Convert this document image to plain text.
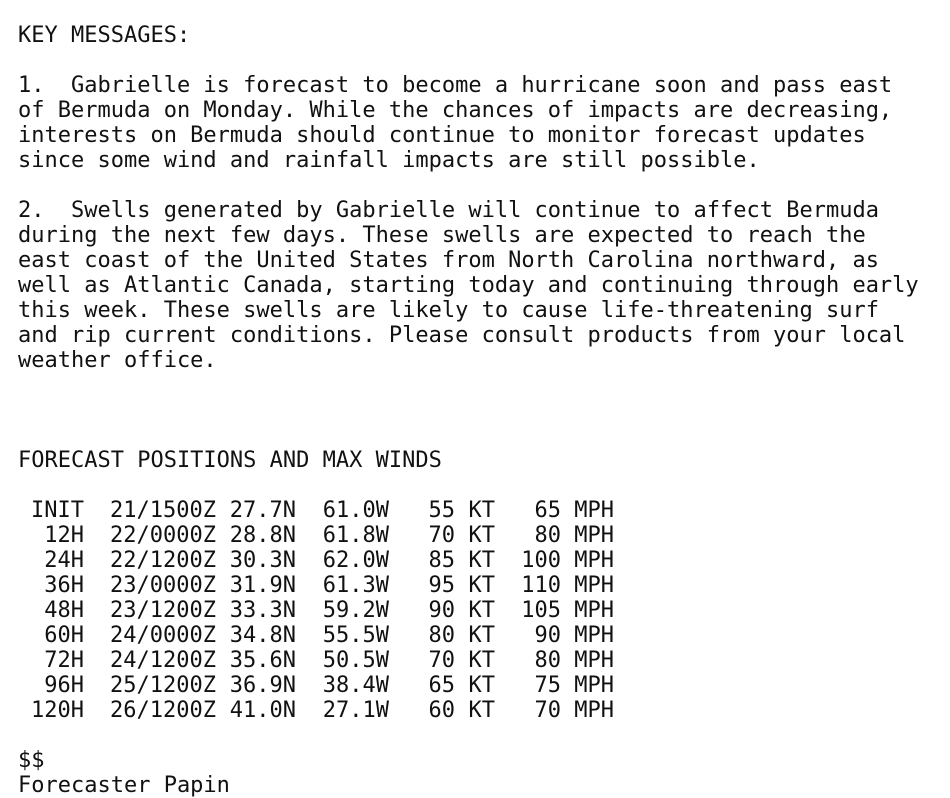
KEY MESSAGES:
1.  Gabrielle is forecast to become a hurricane soon and pass east
of Bermuda on Monday. While the chances of impacts are decreasing,
interests on Bermuda should continue to monitor forecast updates
since some wind and rainfall impacts are still possible.
2.  Swells generated by Gabrielle will continue to affect Bermuda
during the next few days. These swells are expected to reach the
east coast of the United States from North Carolina northward, as
well as Atlantic Canada, starting today and continuing through early
this week. These swells are likely to cause life-threatening surf
and rip current conditions. Please consult products from your local
weather office.
FORECAST POSITIONS AND MAX WINDS
INIT	21/1500Z 27.7N	61.0W	55 KT	65 MPH
12H	22/0000Z 28.8N	61.8W	70 KT	80 MPH
24H	22/1200Z 30.3N	62.0W	85 KT	100 MPH
36H	23/0000Z 31.9N	61.3W	95 KT	110 MPH
48H	23/1200Z 33.3N	59.2W	90 KT	105 MPH
60H	24/0000Z 34.8N	55.5W	80 KT	90 MPH
72H	24/1200Z 35.6N	50.5W	70 KT	80 MPH
96H	25/1200Z 36.9N	38.4W	65 KT	75 MPH
120H	26/1200Z 41.0N	27.1W	60 KT	70 MPH
$$
Forecaster Papin
